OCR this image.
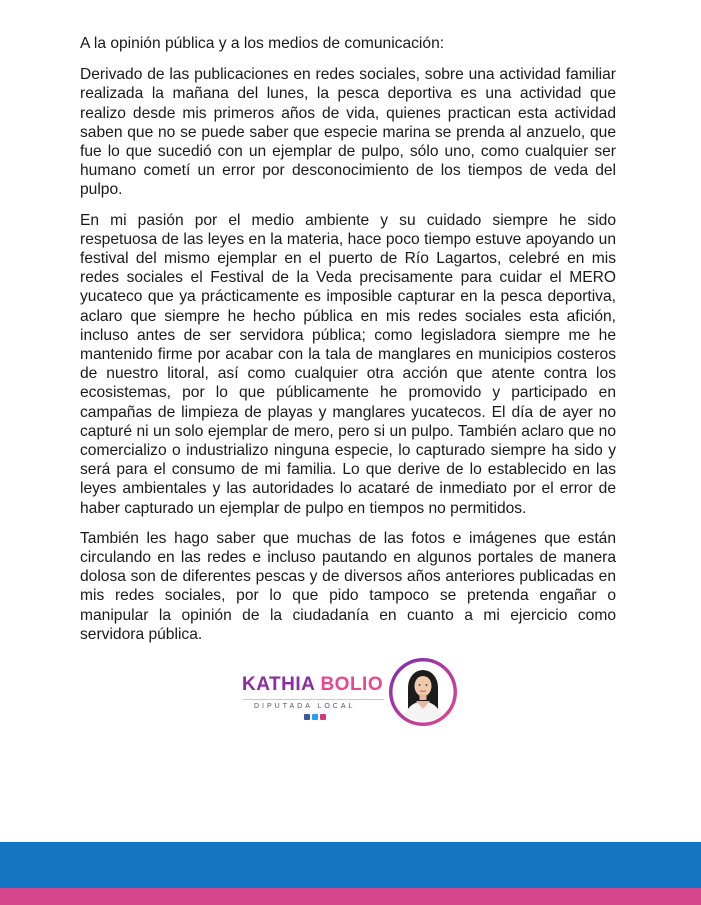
A la opinión pública y a los medios de comunicación:

Derivado de las publicaciones en redes sociales, sobre una actividad familiar realizada la mañana del lunes, la pesca deportiva es una actividad que realizo desde mis primeros años de vida, quienes practican esta actividad saben que no se puede saber que especie marina se prenda al anzuelo, que fue lo que sucedió con un ejemplar de pulpo, sólo uno, como cualquier ser humano cometí un error por desconocimiento de los tiempos de veda del pulpo.

En mi pasión por el medio ambiente y su cuidado siempre he sido respetuosa de las leyes en la materia, hace poco tiempo estuve apoyando un festival del mismo ejemplar en el puerto de Río Lagartos, celebré en mis redes sociales el Festival de la Veda precisamente para cuidar el MERO yucateco que ya prácticamente es imposible capturar en la pesca deportiva, aclaro que siempre he hecho pública en mis redes sociales esta afición, incluso antes de ser servidora pública; como legisladora siempre me he mantenido firme por acabar con la tala de manglares en municipios costeros de nuestro litoral, así como cualquier otra acción que atente contra los ecosistemas, por lo que públicamente he promovido y participado en campañas de limpieza de playas y manglares yucatecos. El día de ayer no capturé ni un solo ejemplar de mero, pero si un pulpo. También aclaro que no comercializo o industrializo ninguna especie, lo capturado siempre ha sido y será para el consumo de mi familia. Lo que derive de lo establecido en las leyes ambientales y las autoridades lo acataré de inmediato por el error de haber capturado un ejemplar de pulpo en tiempos no permitidos.

También les hago saber que muchas de las fotos e imágenes que están circulando en las redes e incluso pautando en algunos portales de manera dolosa son de diferentes pescas y de diversos años anteriores publicadas en mis redes sociales, por lo que pido tampoco se pretenda engañar o manipular la opinión de la ciudadanía en cuanto a mi ejercicio como servidora pública.

KATHIA BOLIO
DIPUTADA LOCAL
